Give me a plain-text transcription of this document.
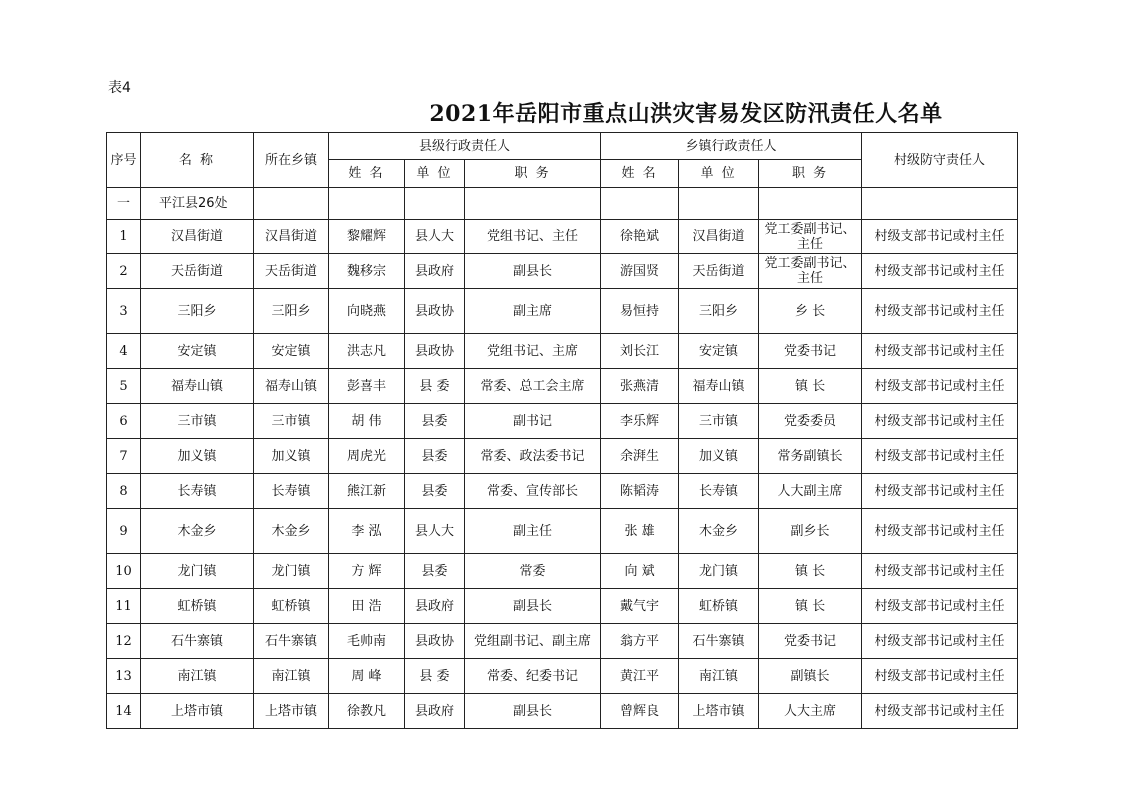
表4
2021年岳阳市重点山洪灾害易发区防汛责任人名单
序号	名 称	所在乡镇	县级行政责任人			乡镇行政责任人			村级防守责任人
			姓 名	单 位	职 务	姓 名	单 位	职 务	
一	平江县26处								
1	汉昌街道	汉昌街道	黎耀辉	县人大	党组书记、主任	徐艳斌	汉昌街道	党工委副书记、主任	村级支部书记或村主任
2	天岳街道	天岳街道	魏移宗	县政府	副县长	游国贤	天岳街道	党工委副书记、主任	村级支部书记或村主任
3	三阳乡	三阳乡	向晓燕	县政协	副主席	易恒持	三阳乡	乡 长	村级支部书记或村主任
4	安定镇	安定镇	洪志凡	县政协	党组书记、主席	刘长江	安定镇	党委书记	村级支部书记或村主任
5	福寿山镇	福寿山镇	彭喜丰	县 委	常委、总工会主席	张燕清	福寿山镇	镇 长	村级支部书记或村主任
6	三市镇	三市镇	胡 伟	县委	副书记	李乐辉	三市镇	党委委员	村级支部书记或村主任
7	加义镇	加义镇	周虎光	县委	常委、政法委书记	余湃生	加义镇	常务副镇长	村级支部书记或村主任
8	长寿镇	长寿镇	熊江新	县委	常委、宣传部长	陈韬涛	长寿镇	人大副主席	村级支部书记或村主任
9	木金乡	木金乡	李 泓	县人大	副主任	张 雄	木金乡	副乡长	村级支部书记或村主任
10	龙门镇	龙门镇	方 辉	县委	常委	向 斌	龙门镇	镇 长	村级支部书记或村主任
11	虹桥镇	虹桥镇	田 浩	县政府	副县长	戴气宇	虹桥镇	镇 长	村级支部书记或村主任
12	石牛寨镇	石牛寨镇	毛帅南	县政协	党组副书记、副主席	翁方平	石牛寨镇	党委书记	村级支部书记或村主任
13	南江镇	南江镇	周 峰	县 委	常委、纪委书记	黄江平	南江镇	副镇长	村级支部书记或村主任
14	上塔市镇	上塔市镇	徐教凡	县政府	副县长	曾辉良	上塔市镇	人大主席	村级支部书记或村主任
